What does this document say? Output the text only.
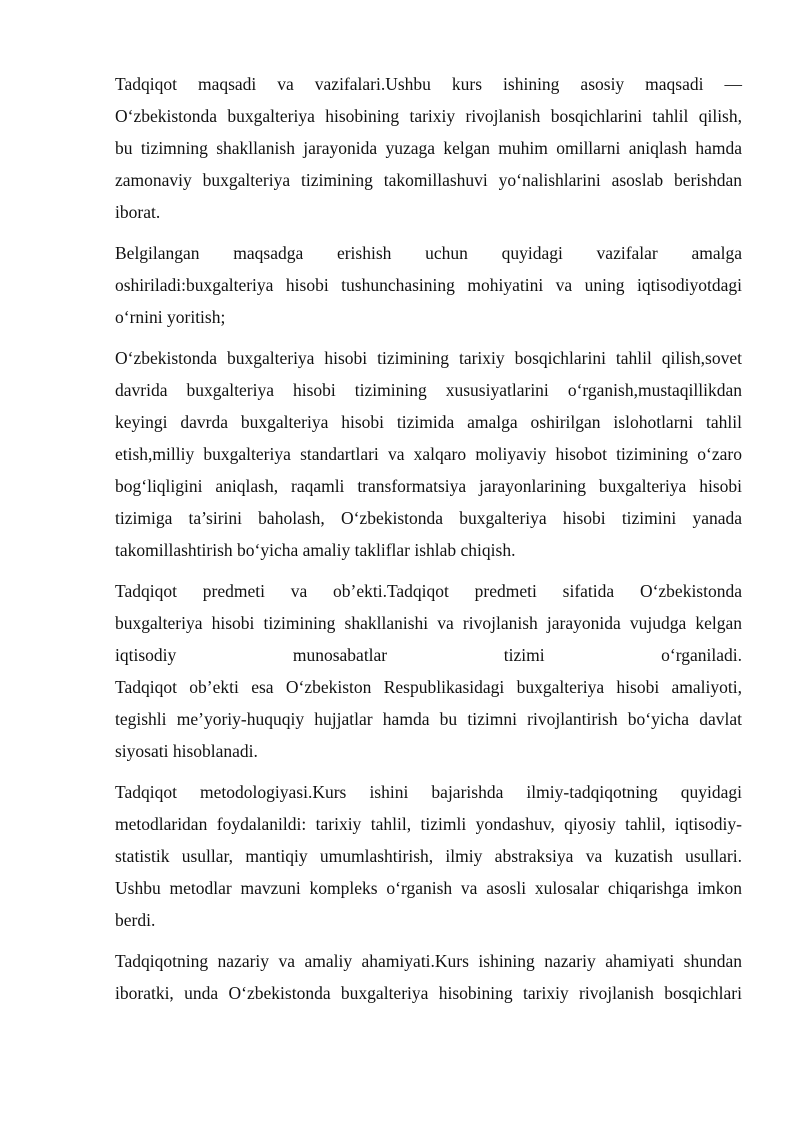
Tadqiqot maqsadi va vazifalari.Ushbu kurs ishining asosiy maqsadi —
O‘zbekistonda buxgalteriya hisobining tarixiy rivojlanish bosqichlarini tahlil qilish,
bu tizimning shakllanish jarayonida yuzaga kelgan muhim omillarni aniqlash hamda
zamonaviy buxgalteriya tizimining takomillashuvi yo‘nalishlarini asoslab berishdan
iborat.

Belgilangan maqsadga erishish uchun quyidagi vazifalar amalga
oshiriladi:buxgalteriya hisobi tushunchasining mohiyatini va uning iqtisodiyotdagi
o‘rnini yoritish;

O‘zbekistonda buxgalteriya hisobi tizimining tarixiy bosqichlarini tahlil qilish,sovet
davrida buxgalteriya hisobi tizimining xususiyatlarini o‘rganish,mustaqillikdan
keyingi davrda buxgalteriya hisobi tizimida amalga oshirilgan islohotlarni tahlil
etish,milliy buxgalteriya standartlari va xalqaro moliyaviy hisobot tizimining o‘zaro
bog‘liqligini aniqlash, raqamli transformatsiya jarayonlarining buxgalteriya hisobi
tizimiga ta’sirini baholash, O‘zbekistonda buxgalteriya hisobi tizimini yanada
takomillashtirish bo‘yicha amaliy takliflar ishlab chiqish.

Tadqiqot predmeti va ob’ekti.Tadqiqot predmeti sifatida O‘zbekistonda
buxgalteriya hisobi tizimining shakllanishi va rivojlanish jarayonida vujudga kelgan
iqtisodiy munosabatlar tizimi o‘rganiladi.
Tadqiqot ob’ekti esa O‘zbekiston Respublikasidagi buxgalteriya hisobi amaliyoti,
tegishli me’yoriy-huquqiy hujjatlar hamda bu tizimni rivojlantirish bo‘yicha davlat
siyosati hisoblanadi.

Tadqiqot metodologiyasi.Kurs ishini bajarishda ilmiy-tadqiqotning quyidagi
metodlaridan foydalanildi: tarixiy tahlil, tizimli yondashuv, qiyosiy tahlil, iqtisodiy-
statistik usullar, mantiqiy umumlashtirish, ilmiy abstraksiya va kuzatish usullari.
Ushbu metodlar mavzuni kompleks o‘rganish va asosli xulosalar chiqarishga imkon
berdi.

Tadqiqotning nazariy va amaliy ahamiyati.Kurs ishining nazariy ahamiyati shundan
iboratki, unda O‘zbekistonda buxgalteriya hisobining tarixiy rivojlanish bosqichlari
